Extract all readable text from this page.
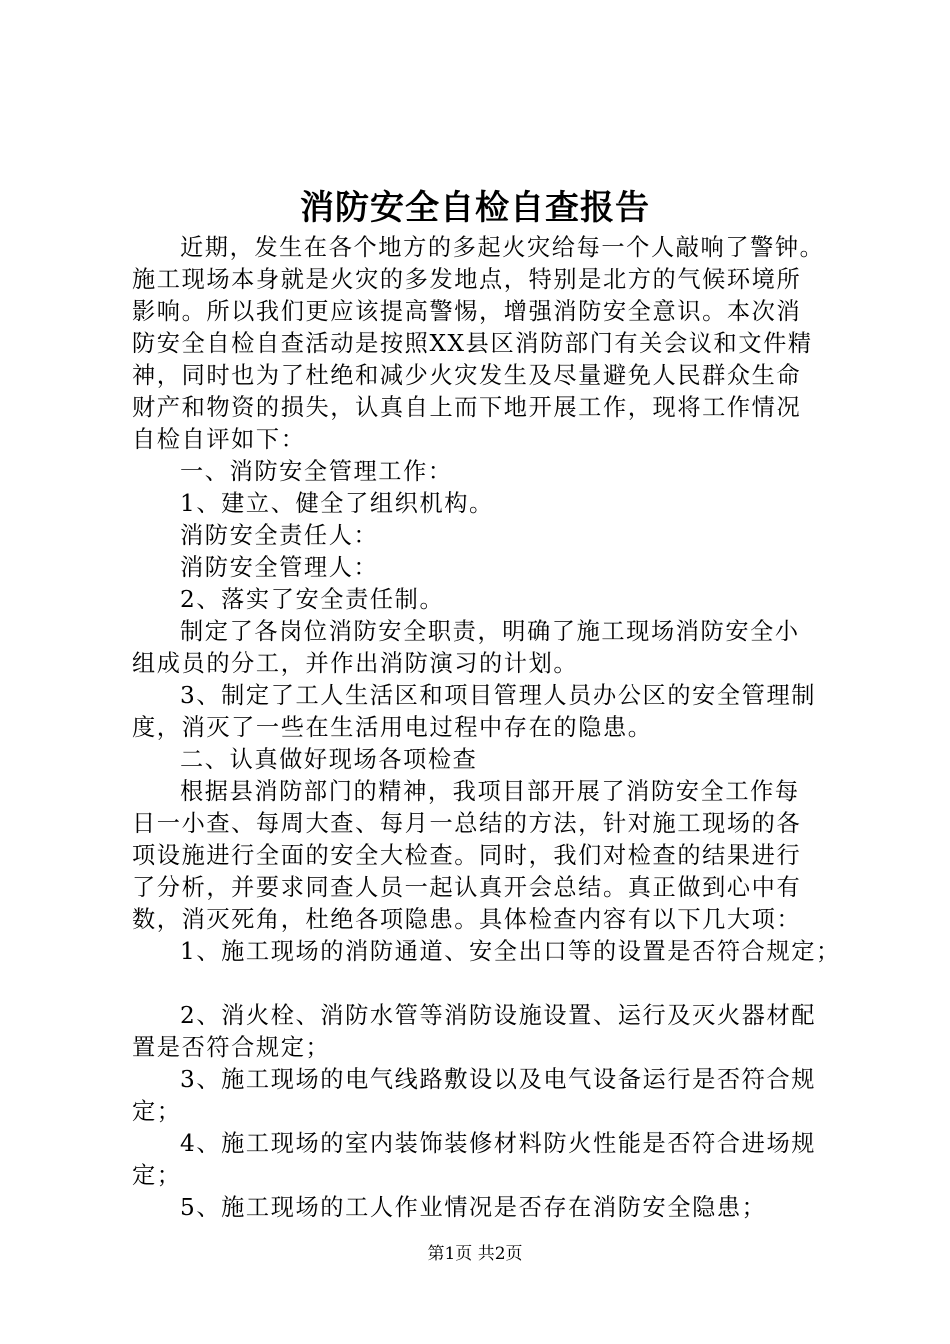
消防安全自检自查报告
近期，发生在各个地方的多起火灾给每一个人敲响了警钟。
施工现场本身就是火灾的多发地点，特别是北方的气候环境所
影响。所以我们更应该提高警惕，增强消防安全意识。本次消
防安全自检自查活动是按照XX县区消防部门有关会议和文件精
神，同时也为了杜绝和减少火灾发生及尽量避免人民群众生命
财产和物资的损失，认真自上而下地开展工作，现将工作情况
自检自评如下：
一、消防安全管理工作：
1、建立、健全了组织机构。
消防安全责任人：
消防安全管理人：
2、落实了安全责任制。
制定了各岗位消防安全职责，明确了施工现场消防安全小
组成员的分工，并作出消防演习的计划。
3、制定了工人生活区和项目管理人员办公区的安全管理制
度，消灭了一些在生活用电过程中存在的隐患。
二、认真做好现场各项检查
根据县消防部门的精神，我项目部开展了消防安全工作每
日一小查、每周大查、每月一总结的方法，针对施工现场的各
项设施进行全面的安全大检查。同时，我们对检查的结果进行
了分析，并要求同查人员一起认真开会总结。真正做到心中有
数，消灭死角，杜绝各项隐患。具体检查内容有以下几大项：
1、施工现场的消防通道、安全出口等的设置是否符合规定；
2、消火栓、消防水管等消防设施设置、运行及灭火器材配
置是否符合规定；
3、施工现场的电气线路敷设以及电气设备运行是否符合规
定；
4、施工现场的室内装饰装修材料防火性能是否符合进场规
定；
5、施工现场的工人作业情况是否存在消防安全隐患；
第1页 共2页
